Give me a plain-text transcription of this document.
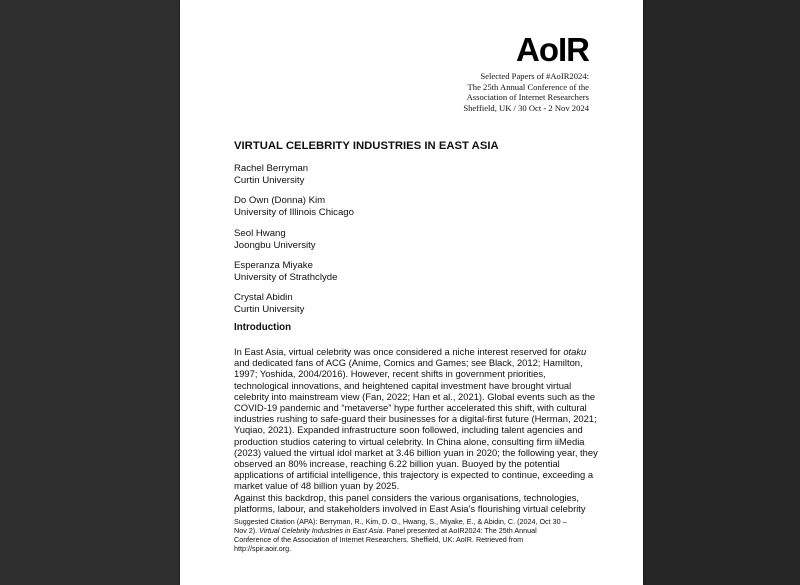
AoIR
Selected Papers of #AoIR2024:
The 25th Annual Conference of the
Association of Internet Researchers
Sheffield, UK / 30 Oct - 2 Nov 2024
VIRTUAL CELEBRITY INDUSTRIES IN EAST ASIA
Rachel Berryman
Curtin University
Do Own (Donna) Kim
University of Illinois Chicago
Seol Hwang
Joongbu University
Esperanza Miyake
University of Strathclyde
Crystal Abidin
Curtin University
Introduction
In East Asia, virtual celebrity was once considered a niche interest reserved for otaku
and dedicated fans of ACG (Anime, Comics and Games; see Black, 2012; Hamilton,
1997; Yoshida, 2004/2016). However, recent shifts in government priorities,
technological innovations, and heightened capital investment have brought virtual
celebrity into mainstream view (Fan, 2022; Han et al., 2021). Global events such as the
COVID-19 pandemic and “metaverse” hype further accelerated this shift, with cultural
industries rushing to safe-guard their businesses for a digital-first future (Herman, 2021;
Yuqiao, 2021). Expanded infrastructure soon followed, including talent agencies and
production studios catering to virtual celebrity. In China alone, consulting firm iiMedia
(2023) valued the virtual idol market at 3.46 billion yuan in 2020; the following year, they
observed an 80% increase, reaching 6.22 billion yuan. Buoyed by the potential
applications of artificial intelligence, this trajectory is expected to continue, exceeding a
market value of 48 billion yuan by 2025.
Against this backdrop, this panel considers the various organisations, technologies,
platforms, labour, and stakeholders involved in East Asia’s flourishing virtual celebrity
Suggested Citation (APA): Berryman, R., Kim, D. O., Hwang, S., Miyake, E., & Abidin, C. (2024, Oct 30 –
Nov 2). Virtual Celebrity Industries in East Asia. Panel presented at AoIR2024: The 25th Annual
Conference of the Association of Internet Researchers. Sheffield, UK: AoIR. Retrieved from
http://spir.aoir.org.
